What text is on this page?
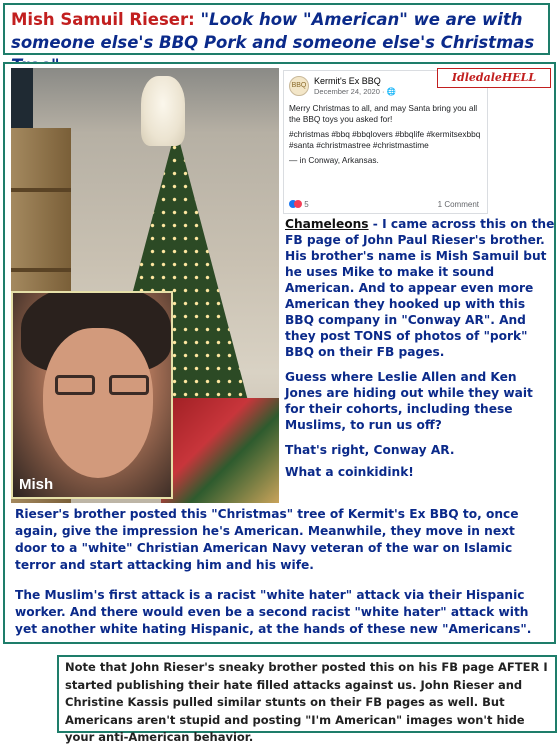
Mish Samuil Rieser: "Look how "American" we are with someone else's BBQ Pork and someone else's Christmas
Mish
BBQ Kermit's Ex BBQ
December 24, 2020 · 🌐

Merry Christmas to all, and may Santa bring you all the BBQ toys you asked for!

#christmas #bbq #bbqlovers #bbqlife #kermitsexbbq #santa #christmastree #christmastime

— in Conway, Arkansas.

5	1 Comment
IdledaleHELL

Chameleons - I came across this on the FB page of John Paul Rieser's brother. His brother's name is Mish Samuil but he uses Mike to make it sound American. And to appear even more American they hooked up with this BBQ company in "Conway AR". And they post TONS of photos of "pork" BBQ on their FB pages.

Guess where Leslie Allen and Ken Jones are hiding out while they wait for their cohorts, including these Muslims, to run us off?

That's right, Conway AR.

What a coinkidink!

Rieser's brother posted this "Christmas" tree of Kermit's Ex BBQ to, once again, give the impression he's American. Meanwhile, they move in next door to a "white" Christian American Navy veteran of the war on Islamic terror and start attacking him and his wife.
The Muslim's first attack is a racist "white hater" attack via their Hispanic worker. And there would even be a second racist "white hater" attack with yet another white hating Hispanic, at the hands of these new "Americans".
Note that John Rieser's sneaky brother posted this on his FB page AFTER I started publishing their hate filled attacks against us. John Rieser and Christine Kassis pulled similar stunts on their FB pages as well. But Americans aren't stupid and posting "I'm American" images won't hide your anti-American behavior.
